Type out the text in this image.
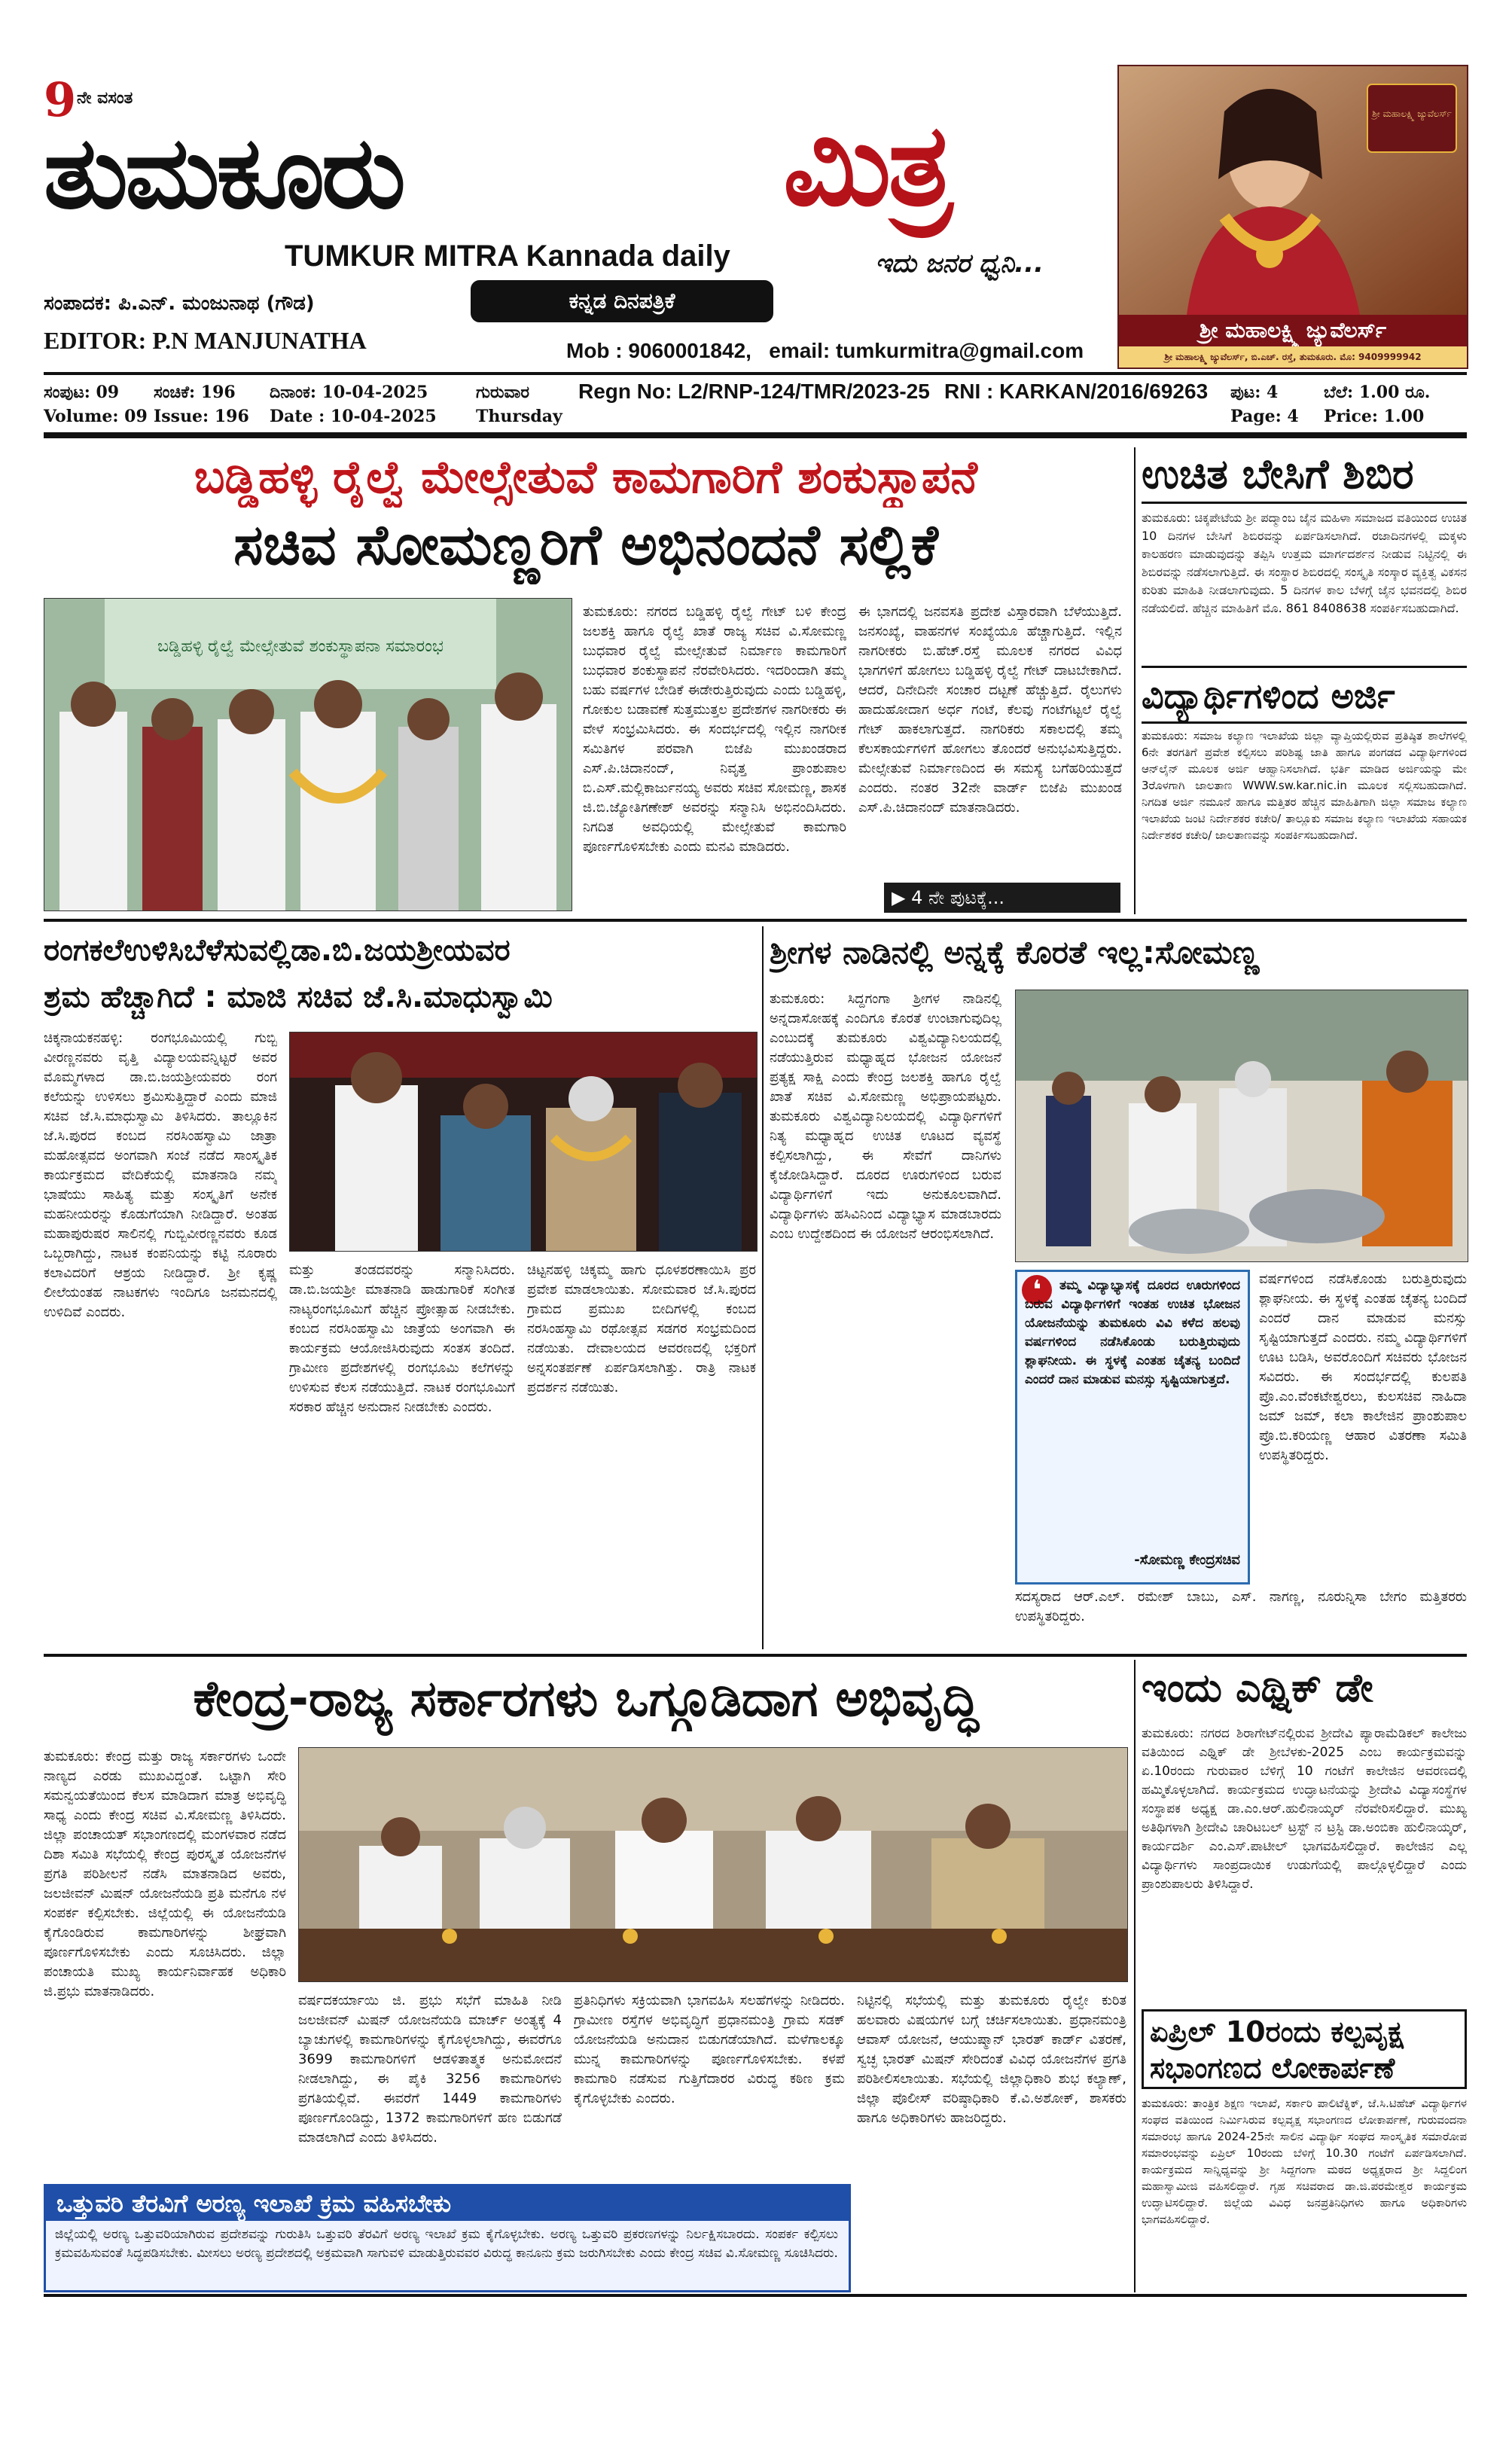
9 ನೇ ವಸಂತ
ತುಮಕೂರು	ಮಿತ್ರ
TUMKUR MITRA Kannada daily	ಇದು ಜನರ ಧ್ವನಿ...
ಸಂಪಾದಕ: ಪಿ.ಎನ್. ಮಂಜುನಾಥ (ಗೌಡ)	ಕನ್ನಡ ದಿನಪತ್ರಿಕೆ
EDITOR: P.N MANJUNATHA	Mob : 9060001842,   email: tumkurmitra@gmail.com
ಶ್ರೀ ಮಹಾಲಕ್ಷ್ಮಿ ಜ್ಯುವೆಲರ್ಸ್
ಶ್ರೀ ಮಹಾಲಕ್ಷ್ಮಿ ಜ್ಯುವೆಲರ್ಸ್
ಶ್ರೀ ಮಹಾಲಕ್ಷ್ಮಿ ಜ್ಯುವೆಲರ್ಸ್, ಬಿ.ಎಚ್. ರಸ್ತೆ, ತುಮಕೂರು. ಮೊ: 9409999942
ಸಂಪುಟ: 09 ಸಂಚಿಕೆ: 196 ದಿನಾಂಕ: 10-04-2025	ಗುರುವಾರ
Volume: 09 Issue: 196 Date : 10-04-2025 Thursday
Regn No: L2/RNP-124/TMR/2023-25 RNI : KARKAN/2016/69263 ಪುಟ: 4	ಬೆಲೆ: 1.00 ರೂ.
Page: 4 Price: 1.00
ಬಡ್ಡಿಹಳ್ಳಿ ರೈಲ್ವೆ ಮೇಲ್ಸೇತುವೆ ಕಾಮಗಾರಿಗೆ ಶಂಕುಸ್ಥಾಪನೆ
ಸಚಿವ ಸೋಮಣ್ಣರಿಗೆ ಅಭಿನಂದನೆ ಸಲ್ಲಿಕೆ
ಬಡ್ಡಿಹಳ್ಳಿ ರೈಲ್ವೆ ಮೇಲ್ಸೇತುವೆ ಶಂಕುಸ್ಥಾಪನಾ ಸಮಾರಂಭ
ತುಮಕೂರು: ನಗರದ ಬಡ್ಡಿಹಳ್ಳಿ ರೈಲ್ವೆ ಗೇಟ್ ಬಳಿ ಕೇಂದ್ರ ಜಲಶಕ್ತಿ ಹಾಗೂ ರೈಲ್ವೆ ಖಾತೆ ರಾಜ್ಯ ಸಚಿವ ವಿ.ಸೋಮಣ್ಣ ಬುಧವಾರ ರೈಲ್ವೆ ಮೇಲ್ಸೇತುವೆ ನಿರ್ಮಾಣ ಕಾಮಗಾರಿಗೆ ಬುಧವಾರ ಶಂಕುಸ್ಥಾಪನೆ ನೆರವೇರಿಸಿದರು. ಇದರಿಂದಾಗಿ ತಮ್ಮ ಬಹು ವರ್ಷಗಳ ಬೇಡಿಕೆ ಈಡೇರುತ್ತಿರುವುದು ಎಂದು ಬಡ್ಡಿಹಳ್ಳಿ, ಗೋಕುಲ ಬಡಾವಣೆ ಸುತ್ತಮುತ್ತಲ ಪ್ರದೇಶಗಳ ನಾಗರೀಕರು ಈ ವೇಳೆ ಸಂಭ್ರಮಿಸಿದರು. ಈ ಸಂದರ್ಭದಲ್ಲಿ ಇಲ್ಲಿನ ನಾಗರೀಕ ಸಮಿತಿಗಳ ಪರವಾಗಿ ಬಿಜೆಪಿ ಮುಖಂಡರಾದ ಎಸ್.ಪಿ.ಚಿದಾನಂದ್, ನಿವೃತ್ತ ಪ್ರಾಂಶುಪಾಲ ಬಿ.ಎಸ್.ಮಲ್ಲಿಕಾರ್ಜುನಯ್ಯ ಅವರು ಸಚಿವ ಸೋಮಣ್ಣ, ಶಾಸಕ ಜಿ.ಬಿ.ಜ್ಯೋತಿಗಣೇಶ್ ಅವರನ್ನು ಸನ್ಮಾನಿಸಿ ಅಭಿನಂದಿಸಿದರು. ನಿಗದಿತ ಅವಧಿಯಲ್ಲಿ ಮೇಲ್ಸೇತುವೆ ಕಾಮಗಾರಿ ಪೂರ್ಣಗೊಳಿಸಬೇಕು ಎಂದು ಮನವಿ ಮಾಡಿದರು.
ಈ ಭಾಗದಲ್ಲಿ ಜನವಸತಿ ಪ್ರದೇಶ ವಿಸ್ತಾರವಾಗಿ ಬೆಳೆಯುತ್ತಿದೆ. ಜನಸಂಖ್ಯೆ, ವಾಹನಗಳ ಸಂಖ್ಯೆಯೂ ಹೆಚ್ಚಾಗುತ್ತಿದೆ. ಇಲ್ಲಿನ ನಾಗರೀಕರು ಬಿ.ಹೆಚ್.ರಸ್ತೆ ಮೂಲಕ ನಗರದ ವಿವಿಧ ಭಾಗಗಳಿಗೆ ಹೋಗಲು ಬಡ್ಡಿಹಳ್ಳಿ ರೈಲ್ವೆ ಗೇಟ್ ದಾಟಬೇಕಾಗಿದೆ. ಆದರೆ, ದಿನೇದಿನೇ ಸಂಚಾರ ದಟ್ಟಣೆ ಹೆಚ್ಚುತ್ತಿದೆ. ರೈಲುಗಳು ಹಾದುಹೋದಾಗ ಅರ್ಧ ಗಂಟೆ, ಕೆಲವು ಗಂಟೆಗಟ್ಟಲೆ ರೈಲ್ವೆ ಗೇಟ್ ಹಾಕಲಾಗುತ್ತದೆ. ನಾಗರಿಕರು ಸಕಾಲದಲ್ಲಿ ತಮ್ಮ ಕೆಲಸಕಾರ್ಯಗಳಿಗೆ ಹೋಗಲು ತೊಂದರೆ ಅನುಭವಿಸುತ್ತಿದ್ದರು. ಮೇಲ್ಸೇತುವೆ ನಿರ್ಮಾಣದಿಂದ ಈ ಸಮಸ್ಯೆ ಬಗೆಹರಿಯುತ್ತದೆ ಎಂದರು. ನಂತರ 32ನೇ ವಾರ್ಡ್ ಬಿಜೆಪಿ ಮುಖಂಡ ಎಸ್.ಪಿ.ಚಿದಾನಂದ್ ಮಾತನಾಡಿದರು.
▶ 4 ನೇ ಪುಟಕ್ಕೆ...
ಉಚಿತ ಬೇಸಿಗೆ ಶಿಬಿರ
ತುಮಕೂರು: ಚಿಕ್ಕಪೇಟೆಯ ಶ್ರೀ ಪದ್ಮಾಂಬ ಜೈನ ಮಹಿಳಾ ಸಮಾಜದ ವತಿಯಿಂದ ಉಚಿತ 10 ದಿನಗಳ ಬೇಸಿಗೆ ಶಿಬಿರವನ್ನು ಏರ್ಪಡಿಸಲಾಗಿದೆ. ರಜಾದಿನಗಳಲ್ಲಿ ಮಕ್ಕಳು ಕಾಲಹರಣ ಮಾಡುವುದನ್ನು ತಪ್ಪಿಸಿ ಉತ್ತಮ ಮಾರ್ಗದರ್ಶನ ನೀಡುವ ನಿಟ್ಟಿನಲ್ಲಿ ಈ ಶಿಬಿರವನ್ನು ನಡೆಸಲಾಗುತ್ತಿದೆ. ಈ ಸಂಸ್ಥಾರ ಶಿಬಿರದಲ್ಲಿ ಸಂಸ್ಕೃತಿ ಸಂಸ್ಕಾರ ವ್ಯಕ್ತಿತ್ವ ವಿಕಸನ ಕುರಿತು ಮಾಹಿತಿ ನೀಡಲಾಗುವುದು. 5 ದಿನಗಳ ಕಾಲ ಬೆಳಗ್ಗೆ ಜೈನ ಭವನದಲ್ಲಿ ಶಿಬಿರ ನಡೆಯಲಿದೆ. ಹೆಚ್ಚಿನ ಮಾಹಿತಿಗೆ ಮೊ. 861 8408638 ಸಂಪರ್ಕಿಸಬಹುದಾಗಿದೆ.
ವಿದ್ಯಾರ್ಥಿಗಳಿಂದ ಅರ್ಜಿ
ತುಮಕೂರು: ಸಮಾಜ ಕಲ್ಯಾಣ ಇಲಾಖೆಯ ಜಿಲ್ಲಾ ವ್ಯಾಪ್ತಿಯಲ್ಲಿರುವ ಪ್ರತಿಷ್ಠಿತ ಶಾಲೆಗಳಲ್ಲಿ 6ನೇ ತರಗತಿಗೆ ಪ್ರವೇಶ ಕಲ್ಪಿಸಲು ಪರಿಶಿಷ್ಟ ಜಾತಿ ಹಾಗೂ ಪಂಗಡದ ವಿದ್ಯಾರ್ಥಿಗಳಿಂದ ಆನ್‌ಲೈನ್ ಮೂಲಕ ಅರ್ಜಿ ಆಹ್ವಾನಿಸಲಾಗಿದೆ. ಭರ್ತಿ ಮಾಡಿದ ಅರ್ಜಿಯನ್ನು ಮೇ 3ರೊಳಗಾಗಿ ಜಾಲತಾಣ WWW.sw.kar.nic.in ಮೂಲಕ ಸಲ್ಲಿಸಬಹುದಾಗಿದೆ. ನಿಗದಿತ ಅರ್ಜಿ ನಮೂನೆ ಹಾಗೂ ಮತ್ತಿತರ ಹೆಚ್ಚಿನ ಮಾಹಿತಿಗಾಗಿ ಜಿಲ್ಲಾ ಸಮಾಜ ಕಲ್ಯಾಣ ಇಲಾಖೆಯ ಜಂಟಿ ನಿರ್ದೇಶಕರ ಕಚೇರಿ/ ತಾಲ್ಲೂಕು ಸಮಾಜ ಕಲ್ಯಾಣ ಇಲಾಖೆಯ ಸಹಾಯಕ ನಿರ್ದೇಶಕರ ಕಚೇರಿ/ ಜಾಲತಾಣವನ್ನು ಸಂಪರ್ಕಿಸಬಹುದಾಗಿದೆ.
ರಂಗಕಲೆಉಳಿಸಿಬೆಳೆಸುವಲ್ಲಿಡಾ.ಬಿ.ಜಯಶ್ರೀಯವರ
ಶ್ರಮ ಹೆಚ್ಚಾಗಿದೆ : ಮಾಜಿ ಸಚಿವ ಜೆ.ಸಿ.ಮಾಧುಸ್ವಾಮಿ
ಚಿಕ್ಕನಾಯಕನಹಳ್ಳಿ: ರಂಗಭೂಮಿಯಲ್ಲಿ ಗುಬ್ಬಿ ವೀರಣ್ಣನವರು ವೃತ್ತಿ ವಿದ್ಯಾಲಯವನ್ನಿಟ್ಟರೆ ಅವರ ಮೊಮ್ಮಗಳಾದ ಡಾ.ಬಿ.ಜಯಶ್ರೀಯವರು ರಂಗ ಕಲೆಯನ್ನು ಉಳಿಸಲು ಶ್ರಮಿಸುತ್ತಿದ್ದಾರೆ ಎಂದು ಮಾಜಿ ಸಚಿವ ಜೆ.ಸಿ.ಮಾಧುಸ್ವಾಮಿ ತಿಳಿಸಿದರು. ತಾಲ್ಲೂಕಿನ ಜೆ.ಸಿ.ಪುರದ ಕಂಬದ ನರಸಿಂಹಸ್ವಾಮಿ ಜಾತ್ರಾ ಮಹೋತ್ಸವದ ಅಂಗವಾಗಿ ಸಂಜೆ ನಡೆದ ಸಾಂಸ್ಕೃತಿಕ ಕಾರ್ಯಕ್ರಮದ ವೇದಿಕೆಯಲ್ಲಿ ಮಾತನಾಡಿ ನಮ್ಮ ಭಾಷೆಯು ಸಾಹಿತ್ಯ ಮತ್ತು ಸಂಸ್ಕೃತಿಗೆ ಅನೇಕ ಮಹನೀಯರನ್ನು ಕೊಡುಗೆಯಾಗಿ ನೀಡಿದ್ದಾರೆ. ಅಂತಹ ಮಹಾಪುರುಷರ ಸಾಲಿನಲ್ಲಿ ಗುಬ್ಬಿವೀರಣ್ಣನವರು ಕೂಡ ಒಬ್ಬರಾಗಿದ್ದು, ನಾಟಕ ಕಂಪನಿಯನ್ನು ಕಟ್ಟಿ ನೂರಾರು ಕಲಾವಿದರಿಗೆ ಆಶ್ರಯ ನೀಡಿದ್ದಾರೆ. ಶ್ರೀ ಕೃಷ್ಣ ಲೀಲೆಯಂತಹ ನಾಟಕಗಳು ಇಂದಿಗೂ ಜನಮನದಲ್ಲಿ ಉಳಿದಿವೆ ಎಂದರು.
ಮತ್ತು ತಂಡದವರನ್ನು ಸನ್ಮಾನಿಸಿದರು. ಡಾ.ಬಿ.ಜಯಶ್ರೀ ಮಾತನಾಡಿ ಹಾಡುಗಾರಿಕೆ ಸಂಗೀತ ನಾಟ್ಯರಂಗಭೂಮಿಗೆ ಹೆಚ್ಚಿನ ಪ್ರೋತ್ಸಾಹ ನೀಡಬೇಕು. ಕಂಬದ ನರಸಿಂಹಸ್ವಾಮಿ ಜಾತ್ರೆಯ ಅಂಗವಾಗಿ ಈ ಕಾರ್ಯಕ್ರಮ ಆಯೋಜಿಸಿರುವುದು ಸಂತಸ ತಂದಿದೆ. ಗ್ರಾಮೀಣ ಪ್ರದೇಶಗಳಲ್ಲಿ ರಂಗಭೂಮಿ ಕಲೆಗಳನ್ನು ಉಳಿಸುವ ಕೆಲಸ ನಡೆಯುತ್ತಿದೆ. ನಾಟಕ ರಂಗಭೂಮಿಗೆ ಸರಕಾರ ಹೆಚ್ಚಿನ ಅನುದಾನ ನೀಡಬೇಕು ಎಂದರು.
ಚಿಟ್ಟನಹಳ್ಳಿ ಚಿಕ್ಕಮ್ಮ ಹಾಗು ಧೂಳಶರಣಾಯಿಸಿ ಪ್ರರ ಪ್ರವೇಶ ಮಾಡಲಾಯಿತು. ಸೋಮವಾರ ಜೆ.ಸಿ.ಪುರದ ಗ್ರಾಮದ ಪ್ರಮುಖ ಬೀದಿಗಳಲ್ಲಿ ಕಂಬದ ನರಸಿಂಹಸ್ವಾಮಿ ರಥೋತ್ಸವ ಸಡಗರ ಸಂಭ್ರಮದಿಂದ ನಡೆಯಿತು. ದೇವಾಲಯದ ಆವರಣದಲ್ಲಿ ಭಕ್ತರಿಗೆ ಅನ್ನಸಂತರ್ಪಣೆ ಏರ್ಪಡಿಸಲಾಗಿತ್ತು. ರಾತ್ರಿ ನಾಟಕ ಪ್ರದರ್ಶನ ನಡೆಯಿತು.
ಶ್ರೀಗಳ ನಾಡಿನಲ್ಲಿ ಅನ್ನಕ್ಕೆ ಕೊರತೆ ಇಲ್ಲ:ಸೋಮಣ್ಣ
ತುಮಕೂರು: ಸಿದ್ದಗಂಗಾ ಶ್ರೀಗಳ ನಾಡಿನಲ್ಲಿ ಅನ್ನದಾಸೋಹಕ್ಕೆ ಎಂದಿಗೂ ಕೊರತೆ ಉಂಟಾಗುವುದಿಲ್ಲ ಎಂಬುದಕ್ಕೆ ತುಮಕೂರು ವಿಶ್ವವಿದ್ಯಾನಿಲಯದಲ್ಲಿ ನಡೆಯುತ್ತಿರುವ ಮಧ್ಯಾಹ್ನದ ಭೋಜನ ಯೋಜನೆ ಪ್ರತ್ಯಕ್ಷ ಸಾಕ್ಷಿ ಎಂದು ಕೇಂದ್ರ ಜಲಶಕ್ತಿ ಹಾಗೂ ರೈಲ್ವೆ ಖಾತೆ ಸಚಿವ ವಿ.ಸೋಮಣ್ಣ ಅಭಿಪ್ರಾಯಪಟ್ಟರು. ತುಮಕೂರು ವಿಶ್ವವಿದ್ಯಾನಿಲಯದಲ್ಲಿ ವಿದ್ಯಾರ್ಥಿಗಳಿಗೆ ನಿತ್ಯ ಮಧ್ಯಾಹ್ನದ ಉಚಿತ ಊಟದ ವ್ಯವಸ್ಥೆ ಕಲ್ಪಿಸಲಾಗಿದ್ದು, ಈ ಸೇವೆಗೆ ದಾನಿಗಳು ಕೈಜೋಡಿಸಿದ್ದಾರೆ. ದೂರದ ಊರುಗಳಿಂದ ಬರುವ ವಿದ್ಯಾರ್ಥಿಗಳಿಗೆ ಇದು ಅನುಕೂಲವಾಗಿದೆ. ವಿದ್ಯಾರ್ಥಿಗಳು ಹಸಿವಿನಿಂದ ವಿದ್ಯಾಭ್ಯಾಸ ಮಾಡಬಾರದು ಎಂಬ ಉದ್ದೇಶದಿಂದ ಈ ಯೋಜನೆ ಆರಂಭಿಸಲಾಗಿದೆ.
ವರ್ಷಗಳಿಂದ ನಡೆಸಿಕೊಂಡು ಬರುತ್ತಿರುವುದು ಶ್ಲಾಘನೀಯ. ಈ ಸ್ಥಳಕ್ಕೆ ಎಂತಹ ಚೈತನ್ಯ ಬಂದಿದೆ ಎಂದರೆ ದಾನ ಮಾಡುವ ಮನಸ್ಸು ಸೃಷ್ಟಿಯಾಗುತ್ತದೆ ಎಂದರು. ನಮ್ಮ ವಿದ್ಯಾರ್ಥಿಗಳಿಗೆ ಊಟ ಬಡಿಸಿ, ಅವರೊಂದಿಗೆ ಸಚಿವರು ಭೋಜನ ಸವಿದರು. ಈ ಸಂದರ್ಭದಲ್ಲಿ ಕುಲಪತಿ ಪ್ರೊ.ಎಂ.ವೆಂಕಟೇಶ್ವರಲು, ಕುಲಸಚಿವ ನಾಹಿದಾ ಜಮ್ ಜಮ್, ಕಲಾ ಕಾಲೇಜಿನ ಪ್ರಾಂಶುಪಾಲ ಪ್ರೊ.ಬಿ.ಕರಿಯಣ್ಣ ಆಹಾರ ವಿತರಣಾ ಸಮಿತಿ ಉಪಸ್ಥಿತರಿದ್ದರು.
❛	ತಮ್ಮ ವಿದ್ಯಾಭ್ಯಾಸಕ್ಕೆ ದೂರದ ಊರುಗಳಿಂದ ಬರುವ ವಿದ್ಯಾರ್ಥಿಗಳಿಗೆ ಇಂತಹ ಉಚಿತ ಭೋಜನ ಯೋಜನೆಯನ್ನು ತುಮಕೂರು ವಿವಿ ಕಳೆದ ಹಲವು ವರ್ಷಗಳಿಂದ ನಡೆಸಿಕೊಂಡು ಬರುತ್ತಿರುವುದು ಶ್ಲಾಘನೀಯ. ಈ ಸ್ಥಳಕ್ಕೆ ಎಂತಹ ಚೈತನ್ಯ ಬಂದಿದೆ ಎಂದರೆ ದಾನ ಮಾಡುವ ಮನಸ್ಸು ಸೃಷ್ಟಿಯಾಗುತ್ತದೆ.
-ಸೋಮಣ್ಣ ಕೇಂದ್ರಸಚಿವ
ಸದಸ್ಯರಾದ ಆರ್.ಎಲ್. ರಮೇಶ್ ಬಾಬು, ಎಸ್. ನಾಗಣ್ಣ, ನೂರುನ್ನಿಸಾ ಬೇಗಂ ಮತ್ತಿತರರು ಉಪಸ್ಥಿತರಿದ್ದರು.
ಕೇಂದ್ರ-ರಾಜ್ಯ ಸರ್ಕಾರಗಳು ಒಗ್ಗೂಡಿದಾಗ ಅಭಿವೃದ್ಧಿ
ತುಮಕೂರು: ಕೇಂದ್ರ ಮತ್ತು ರಾಜ್ಯ ಸರ್ಕಾರಗಳು ಒಂದೇ ನಾಣ್ಯದ ಎರಡು ಮುಖವಿದ್ದಂತೆ. ಒಟ್ಟಾಗಿ ಸೇರಿ ಸಮನ್ವಯತೆಯಿಂದ ಕೆಲಸ ಮಾಡಿದಾಗ ಮಾತ್ರ ಅಭಿವೃದ್ಧಿ ಸಾಧ್ಯ ಎಂದು ಕೇಂದ್ರ ಸಚಿವ ವಿ.ಸೋಮಣ್ಣ ತಿಳಿಸಿದರು. ಜಿಲ್ಲಾ ಪಂಚಾಯತ್ ಸಭಾಂಗಣದಲ್ಲಿ ಮಂಗಳವಾರ ನಡೆದ ದಿಶಾ ಸಮಿತಿ ಸಭೆಯಲ್ಲಿ ಕೇಂದ್ರ ಪುರಸ್ಕೃತ ಯೋಜನೆಗಳ ಪ್ರಗತಿ ಪರಿಶೀಲನೆ ನಡೆಸಿ ಮಾತನಾಡಿದ ಅವರು, ಜಲಜೀವನ್ ಮಿಷನ್ ಯೋಜನೆಯಡಿ ಪ್ರತಿ ಮನೆಗೂ ನಳ ಸಂಪರ್ಕ ಕಲ್ಪಿಸಬೇಕು. ಜಿಲ್ಲೆಯಲ್ಲಿ ಈ ಯೋಜನೆಯಡಿ ಕೈಗೊಂಡಿರುವ ಕಾಮಗಾರಿಗಳನ್ನು ಶೀಘ್ರವಾಗಿ ಪೂರ್ಣಗೊಳಿಸಬೇಕು ಎಂದು ಸೂಚಿಸಿದರು. ಜಿಲ್ಲಾ ಪಂಚಾಯತಿ ಮುಖ್ಯ ಕಾರ್ಯನಿರ್ವಾಹಕ ಅಧಿಕಾರಿ ಜಿ.ಪ್ರಭು ಮಾತನಾಡಿದರು.
ವರ್ಷದಕರ್ಯಾಯಿ ಜಿ. ಪ್ರಭು ಸಭೆಗೆ ಮಾಹಿತಿ ನೀಡಿ ಜಲಜೀವನ್ ಮಿಷನ್ ಯೋಜನೆಯಡಿ ಮಾರ್ಚ್ ಅಂತ್ಯಕ್ಕೆ 4 ಬ್ಯಾಚುಗಳಲ್ಲಿ ಕಾಮಗಾರಿಗಳನ್ನು ಕೈಗೊಳ್ಳಲಾಗಿದ್ದು, ಈವರೆಗೂ 3699 ಕಾಮಗಾರಿಗಳಿಗೆ ಆಡಳಿತಾತ್ಮಕ ಅನುಮೋದನೆ ನೀಡಲಾಗಿದ್ದು, ಈ ಪೈಕಿ 3256 ಕಾಮಗಾರಿಗಳು ಪ್ರಗತಿಯಲ್ಲಿವೆ. ಈವರೆಗೆ 1449 ಕಾಮಗಾರಿಗಳು ಪೂರ್ಣಗೊಂಡಿದ್ದು, 1372 ಕಾಮಗಾರಿಗಳಿಗೆ ಹಣ ಬಿಡುಗಡೆ ಮಾಡಲಾಗಿದೆ ಎಂದು ತಿಳಿಸಿದರು.
ಪ್ರತಿನಿಧಿಗಳು ಸಕ್ರಿಯವಾಗಿ ಭಾಗವಹಿಸಿ ಸಲಹೆಗಳನ್ನು ನೀಡಿದರು. ಗ್ರಾಮೀಣ ರಸ್ತೆಗಳ ಅಭಿವೃದ್ಧಿಗೆ ಪ್ರಧಾನಮಂತ್ರಿ ಗ್ರಾಮ ಸಡಕ್ ಯೋಜನೆಯಡಿ ಅನುದಾನ ಬಿಡುಗಡೆಯಾಗಿದೆ. ಮಳೆಗಾಲಕ್ಕೂ ಮುನ್ನ ಕಾಮಗಾರಿಗಳನ್ನು ಪೂರ್ಣಗೊಳಿಸಬೇಕು. ಕಳಪೆ ಕಾಮಗಾರಿ ನಡೆಸುವ ಗುತ್ತಿಗೆದಾರರ ವಿರುದ್ಧ ಕಠಿಣ ಕ್ರಮ ಕೈಗೊಳ್ಳಬೇಕು ಎಂದರು.
ನಿಟ್ಟಿನಲ್ಲಿ ಸಭೆಯಲ್ಲಿ ಮತ್ತು ತುಮಕೂರು ರೈಲ್ವೇ ಕುರಿತ ಹಲವಾರು ವಿಷಯಗಳ ಬಗ್ಗೆ ಚರ್ಚಿಸಲಾಯಿತು. ಪ್ರಧಾನಮಂತ್ರಿ ಆವಾಸ್ ಯೋಜನೆ, ಆಯುಷ್ಮಾನ್ ಭಾರತ್ ಕಾರ್ಡ್ ವಿತರಣೆ, ಸ್ವಚ್ಛ ಭಾರತ್ ಮಿಷನ್ ಸೇರಿದಂತೆ ವಿವಿಧ ಯೋಜನೆಗಳ ಪ್ರಗತಿ ಪರಿಶೀಲಿಸಲಾಯಿತು. ಸಭೆಯಲ್ಲಿ ಜಿಲ್ಲಾಧಿಕಾರಿ ಶುಭ ಕಲ್ಯಾಣ್, ಜಿಲ್ಲಾ ಪೊಲೀಸ್ ವರಿಷ್ಠಾಧಿಕಾರಿ ಕೆ.ವಿ.ಅಶೋಕ್, ಶಾಸಕರು ಹಾಗೂ ಅಧಿಕಾರಿಗಳು ಹಾಜರಿದ್ದರು.
ಒತ್ತುವರಿ ತೆರವಿಗೆ ಅರಣ್ಯ ಇಲಾಖೆ ಕ್ರಮ ವಹಿಸಬೇಕು
ಜಿಲ್ಲೆಯಲ್ಲಿ ಅರಣ್ಯ ಒತ್ತುವರಿಯಾಗಿರುವ ಪ್ರದೇಶವನ್ನು ಗುರುತಿಸಿ ಒತ್ತುವರಿ ತೆರವಿಗೆ ಅರಣ್ಯ ಇಲಾಖೆ ಕ್ರಮ ಕೈಗೊಳ್ಳಬೇಕು. ಅರಣ್ಯ ಒತ್ತುವರಿ ಪ್ರಕರಣಗಳನ್ನು ನಿರ್ಲಕ್ಷಿಸಬಾರದು. ಸಂಪರ್ಕ ಕಲ್ಪಿಸಲು ಕ್ರಮವಹಿಸುವಂತೆ ಸಿದ್ಧಪಡಿಸಬೇಕು. ಮೀಸಲು ಅರಣ್ಯ ಪ್ರದೇಶದಲ್ಲಿ ಅಕ್ರಮವಾಗಿ ಸಾಗುವಳಿ ಮಾಡುತ್ತಿರುವವರ ವಿರುದ್ಧ ಕಾನೂನು ಕ್ರಮ ಜರುಗಿಸಬೇಕು ಎಂದು ಕೇಂದ್ರ ಸಚಿವ ವಿ.ಸೋಮಣ್ಣ ಸೂಚಿಸಿದರು.
ಇಂದು ಎಥ್ನಿಕ್ ಡೇ
ತುಮಕೂರು: ನಗರದ ಶಿರಾಗೇಟ್‌ನಲ್ಲಿರುವ ಶ್ರೀದೇವಿ ಪ್ಯಾರಾಮೆಡಿಕಲ್ ಕಾಲೇಜು ವತಿಯಿಂದ ಎಥ್ನಿಕ್ ಡೇ ಶ್ರೀಬೆಳಕು-2025 ಎಂಬ ಕಾರ್ಯಕ್ರಮವನ್ನು ಏ.10ರಂದು ಗುರುವಾರ ಬೆಳಿಗ್ಗೆ 10 ಗಂಟೆಗೆ ಕಾಲೇಜಿನ ಆವರಣದಲ್ಲಿ ಹಮ್ಮಿಕೊಳ್ಳಲಾಗಿದೆ. ಕಾರ್ಯಕ್ರಮದ ಉದ್ಘಾಟನೆಯನ್ನು ಶ್ರೀದೇವಿ ವಿದ್ಯಾಸಂಸ್ಥೆಗಳ ಸಂಸ್ಥಾಪಕ ಅಧ್ಯಕ್ಷ ಡಾ.ಎಂ.ಆರ್.ಹುಲಿನಾಯ್ಕರ್ ನೆರವೇರಿಸಲಿದ್ದಾರೆ. ಮುಖ್ಯ ಅತಿಥಿಗಳಾಗಿ ಶ್ರೀದೇವಿ ಚಾರಿಟಬಲ್ ಟ್ರಸ್ಟ್ ನ ಟ್ರಸ್ಟಿ ಡಾ.ಅಂಬಿಕಾ ಹುಲಿನಾಯ್ಕರ್, ಕಾರ್ಯದರ್ಶಿ ಎಂ.ಎಸ್.ಪಾಟೀಲ್ ಭಾಗವಹಿಸಲಿದ್ದಾರೆ. ಕಾಲೇಜಿನ ಎಲ್ಲ ವಿದ್ಯಾರ್ಥಿಗಳು ಸಾಂಪ್ರದಾಯಿಕ ಉಡುಗೆಯಲ್ಲಿ ಪಾಲ್ಗೊಳ್ಳಲಿದ್ದಾರೆ ಎಂದು ಪ್ರಾಂಶುಪಾಲರು ತಿಳಿಸಿದ್ದಾರೆ.
ಏಪ್ರಿಲ್ 10ರಂದು ಕಲ್ಪವೃಕ್ಷ
ಸಭಾಂಗಣದ ಲೋಕಾರ್ಪಣೆ
ತುಮಕೂರು: ತಾಂತ್ರಿಕ ಶಿಕ್ಷಣ ಇಲಾಖೆ, ಸರ್ಕಾರಿ ಪಾಲಿಟೆಕ್ನಿಕ್, ಜೆ.ಸಿ.ಟಿಹೆಚ್ ವಿದ್ಯಾರ್ಥಿಗಳ ಸಂಘದ ವತಿಯಿಂದ ನಿರ್ಮಿಸಿರುವ ಕಲ್ಪವೃಕ್ಷ ಸಭಾಂಗಣದ ಲೋಕಾರ್ಪಣೆ, ಗುರುವಂದನಾ ಸಮಾರಂಭ ಹಾಗೂ 2024-25ನೇ ಸಾಲಿನ ವಿದ್ಯಾರ್ಥಿ ಸಂಘದ ಸಾಂಸ್ಕೃತಿಕ ಸಮಾರೋಪ ಸಮಾರಂಭವನ್ನು ಏಪ್ರಿಲ್ 10ರಂದು ಬೆಳಿಗ್ಗೆ 10.30 ಗಂಟೆಗೆ ಏರ್ಪಡಿಸಲಾಗಿದೆ. ಕಾರ್ಯಕ್ರಮದ ಸಾನ್ನಿಧ್ಯವನ್ನು ಶ್ರೀ ಸಿದ್ದಗಂಗಾ ಮಠದ ಅಧ್ಯಕ್ಷರಾದ ಶ್ರೀ ಸಿದ್ದಲಿಂಗ ಮಹಾಸ್ವಾಮೀಜಿ ವಹಿಸಲಿದ್ದಾರೆ. ಗೃಹ ಸಚಿವರಾದ ಡಾ.ಜಿ.ಪರಮೇಶ್ವರ ಕಾರ್ಯಕ್ರಮ ಉದ್ಘಾಟಿಸಲಿದ್ದಾರೆ. ಜಿಲ್ಲೆಯ ವಿವಿಧ ಜನಪ್ರತಿನಿಧಿಗಳು ಹಾಗೂ ಅಧಿಕಾರಿಗಳು ಭಾಗವಹಿಸಲಿದ್ದಾರೆ.
